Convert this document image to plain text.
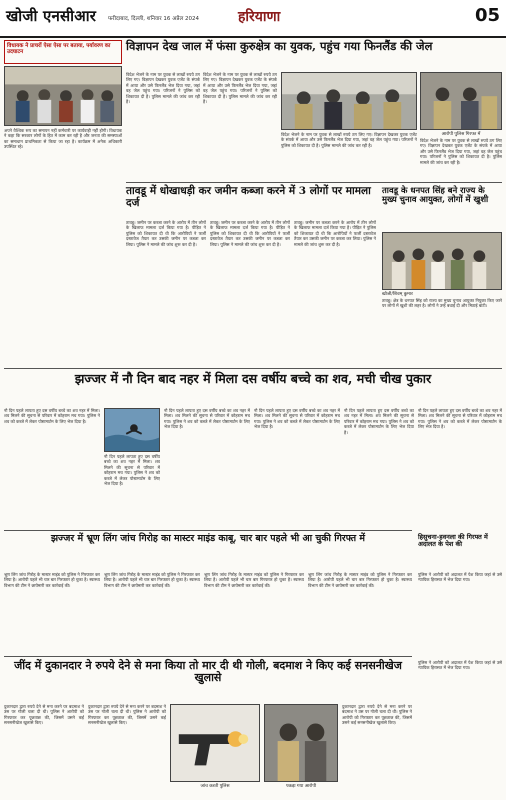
खोजी एनसीआर फरीदाबाद, दिल्ली, शनिवार 16 अप्रैल 2024	हरियाणा	05
विधायक ने प्राचरों ऐसा ऐसा पर बताया, पर्यावरण का उदघाटन
अपने वैश्विक रूप का समापन नहीं कर्मचारी पर कार्यवाही नहीं होगी। विधायक ने कहा कि सरकार लोगों के हित में काम कर रही है और जनता की समस्याओं का समाधान प्राथमिकता से किया जा रहा है। कार्यक्रम में अनेक अधिकारी उपस्थित रहे।
विज्ञापन देख जाल में फंसा कुरुक्षेत्र का युवक, पहुंच गया फिनलैंड की जेल
विदेश भेजने के नाम पर युवक से लाखों रुपये ठग लिए गए। विज्ञापन देखकर युवक एजेंट के संपर्क में आया और उसे फिनलैंड भेज दिया गया, जहां वह जेल पहुंच गया। परिजनों ने पुलिस को शिकायत दी है। पुलिस मामले की जांच कर रही है।
विदेश भेजने के नाम पर युवक से लाखों रुपये ठग लिए गए। विज्ञापन देखकर युवक एजेंट के संपर्क में आया और उसे फिनलैंड भेज दिया गया, जहां वह जेल पहुंच गया। परिजनों ने पुलिस को शिकायत दी है। पुलिस मामले की जांच कर रही है।
विदेश भेजने के नाम पर युवक से लाखों रुपये ठग लिए गए। विज्ञापन देखकर युवक एजेंट के संपर्क में आया और उसे फिनलैंड भेज दिया गया, जहां वह जेल पहुंच गया। परिजनों ने पुलिस को शिकायत दी है। पुलिस मामले की जांच कर रही है।
आरोपी पुलिस गिरफ्त में
विदेश भेजने के नाम पर युवक से लाखों रुपये ठग लिए गए। विज्ञापन देखकर युवक एजेंट के संपर्क में आया और उसे फिनलैंड भेज दिया गया, जहां वह जेल पहुंच गया। परिजनों ने पुलिस को शिकायत दी है। पुलिस मामले की जांच कर रही है।
तावडू में धोखाधड़ी कर जमीन कब्जा करने में 3 लोगों पर मामला दर्ज
तावडू। जमीन पर कब्जा करने के आरोप में तीन लोगों के खिलाफ मामला दर्ज किया गया है। पीड़ित ने पुलिस को शिकायत दी थी कि आरोपियों ने फर्जी दस्तावेज तैयार कर उसकी जमीन पर कब्जा कर लिया। पुलिस ने मामले की जांच शुरू कर दी है।
तावडू। जमीन पर कब्जा करने के आरोप में तीन लोगों के खिलाफ मामला दर्ज किया गया है। पीड़ित ने पुलिस को शिकायत दी थी कि आरोपियों ने फर्जी दस्तावेज तैयार कर उसकी जमीन पर कब्जा कर लिया। पुलिस ने मामले की जांच शुरू कर दी है।
तावडू। जमीन पर कब्जा करने के आरोप में तीन लोगों के खिलाफ मामला दर्ज किया गया है। पीड़ित ने पुलिस को शिकायत दी थी कि आरोपियों ने फर्जी दस्तावेज तैयार कर उसकी जमीन पर कब्जा कर लिया। पुलिस ने मामले की जांच शुरू कर दी है।
तावडू के धनपत सिंह बने राज्य के मुख्य चुनाव आयुक्त, लोगों में खुशी
खोजी/शिवम् कुमार
तावडू। क्षेत्र के धनपत सिंह को राज्य का मुख्य चुनाव आयुक्त नियुक्त किए जाने पर लोगों में खुशी की लहर है। लोगों ने उन्हें बधाई दी और मिठाई बांटी।
झज्जर में नौ दिन बाद नहर में मिला दस वर्षीय बच्चे का शव, मची चीख पुकार
नौ दिन पहले लापता हुए दस वर्षीय बच्चे का शव नहर में मिला। शव मिलने की सूचना से परिवार में कोहराम मच गया। पुलिस ने शव को कब्जे में लेकर पोस्टमार्टम के लिए भेज दिया है।
नौ दिन पहले लापता हुए दस वर्षीय बच्चे का शव नहर में मिला। शव मिलने की सूचना से परिवार में कोहराम मच गया। पुलिस ने शव को कब्जे में लेकर पोस्टमार्टम के लिए भेज दिया है।
नौ दिन पहले लापता हुए दस वर्षीय बच्चे का शव नहर में मिला। शव मिलने की सूचना से परिवार में कोहराम मच गया। पुलिस ने शव को कब्जे में लेकर पोस्टमार्टम के लिए भेज दिया है।
नौ दिन पहले लापता हुए दस वर्षीय बच्चे का शव नहर में मिला। शव मिलने की सूचना से परिवार में कोहराम मच गया। पुलिस ने शव को कब्जे में लेकर पोस्टमार्टम के लिए भेज दिया है।
नौ दिन पहले लापता हुए दस वर्षीय बच्चे का शव नहर में मिला। शव मिलने की सूचना से परिवार में कोहराम मच गया। पुलिस ने शव को कब्जे में लेकर पोस्टमार्टम के लिए भेज दिया है।
नौ दिन पहले लापता हुए दस वर्षीय बच्चे का शव नहर में मिला। शव मिलने की सूचना से परिवार में कोहराम मच गया। पुलिस ने शव को कब्जे में लेकर पोस्टमार्टम के लिए भेज दिया है।
झज्जर में भ्रूण लिंग जांच गिरोह का मास्टर माइंड काबू, चार बार पहले भी आ चुकी गिरफ्त में
भ्रूण लिंग जांच गिरोह के मास्टर माइंड को पुलिस ने गिरफ्तार कर लिया है। आरोपी पहले भी चार बार गिरफ्तार हो चुका है। स्वास्थ्य विभाग की टीम ने छापेमारी कर कार्रवाई की।
भ्रूण लिंग जांच गिरोह के मास्टर माइंड को पुलिस ने गिरफ्तार कर लिया है। आरोपी पहले भी चार बार गिरफ्तार हो चुका है। स्वास्थ्य विभाग की टीम ने छापेमारी कर कार्रवाई की।
भ्रूण लिंग जांच गिरोह के मास्टर माइंड को पुलिस ने गिरफ्तार कर लिया है। आरोपी पहले भी चार बार गिरफ्तार हो चुका है। स्वास्थ्य विभाग की टीम ने छापेमारी कर कार्रवाई की।
भ्रूण लिंग जांच गिरोह के मास्टर माइंड को पुलिस ने गिरफ्तार कर लिया है। आरोपी पहले भी चार बार गिरफ्तार हो चुका है। स्वास्थ्य विभाग की टीम ने छापेमारी कर कार्रवाई की।
हिसुचना-हवनला की गिरफ्त में अदालत के पेश की
पुलिस ने आरोपी को अदालत में पेश किया जहां से उसे न्यायिक हिरासत में भेज दिया गया।
जींद में दुकानदार ने रुपये देने से मना किया तो मार दी थी गोली, बदमाश ने किए कई सनसनीखेज खुलासे
दुकानदार द्वारा रुपये देने से मना करने पर बदमाश ने उस पर गोली चला दी थी। पुलिस ने आरोपी को गिरफ्तार कर पूछताछ की, जिसमें उसने कई सनसनीखेज खुलासे किए।
दुकानदार द्वारा रुपये देने से मना करने पर बदमाश ने उस पर गोली चला दी थी। पुलिस ने आरोपी को गिरफ्तार कर पूछताछ की, जिसमें उसने कई सनसनीखेज खुलासे किए।
जांच करती पुलिस	पकड़ा गया आरोपी
दुकानदार द्वारा रुपये देने से मना करने पर बदमाश ने उस पर गोली चला दी थी। पुलिस ने आरोपी को गिरफ्तार कर पूछताछ की, जिसमें उसने कई सनसनीखेज खुलासे किए।
पुलिस ने आरोपी को अदालत में पेश किया जहां से उसे न्यायिक हिरासत में भेज दिया गया।
